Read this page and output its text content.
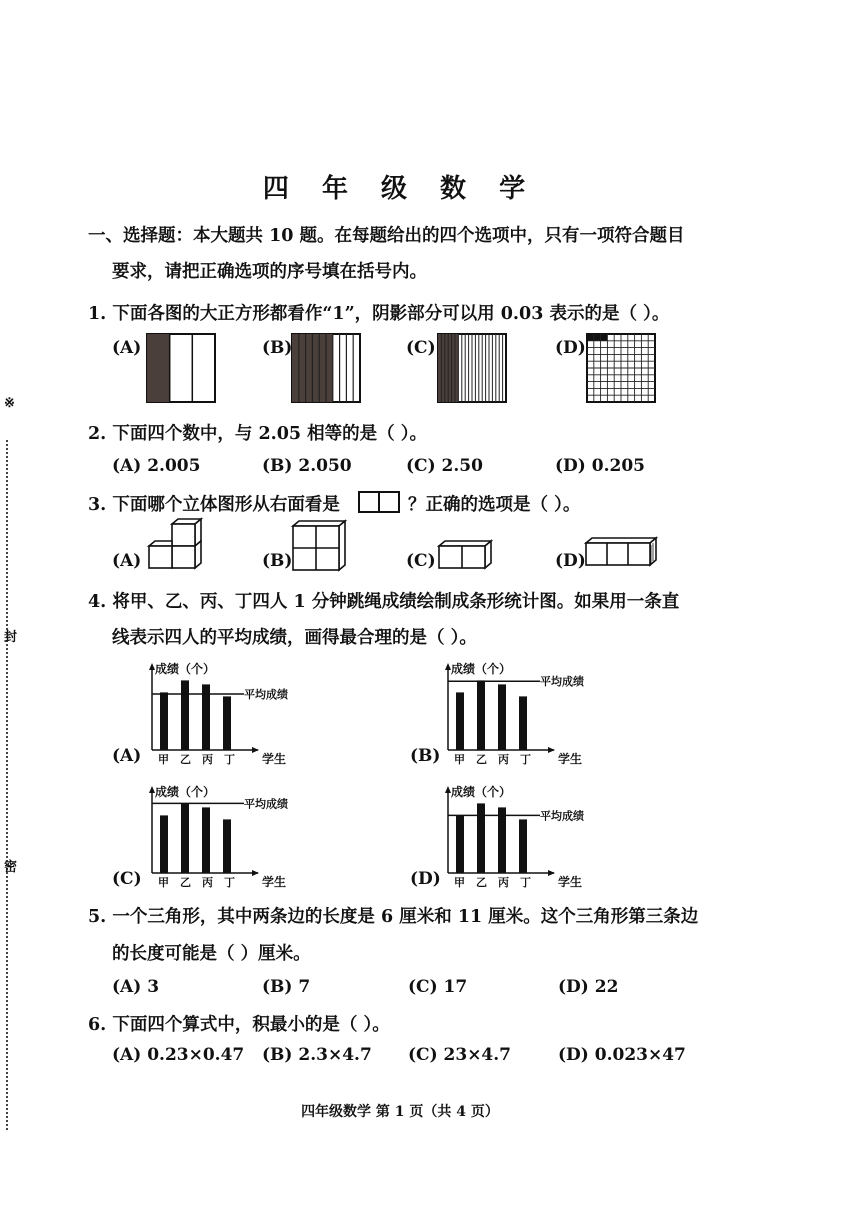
※
封
密
四 年 级 数 学
一、选择题：本大题共 10 题。在每题给出的四个选项中，只有一项符合题目
要求，请把正确选项的序号填在括号内。
1. 下面各图的大正方形都看作“1”，阴影部分可以用 0.03 表示的是（ ）。
(A)	(B)	(C)	(D)
2. 下面四个数中，与 2.05 相等的是（ ）。
(A) 2.005	(B) 2.050	(C) 2.50	(D) 0.205
3. 下面哪个立体图形从右面看是	？正确的选项是（ ）。
(A)	(B)	(C)	(D)
4. 将甲、乙、丙、丁四人 1 分钟跳绳成绩绘制成条形统计图。如果用一条直
线表示四人的平均成绩，画得最合理的是（ ）。
(A)	(B)
(C)	(D)
成绩（个）
甲 乙 丙 丁 学生
平均成绩
成绩（个）
甲 乙 丙 丁 学生
平均成绩
成绩（个）
甲 乙 丙 丁 学生
平均成绩
成绩（个）
甲 乙 丙 丁 学生
平均成绩
5. 一个三角形，其中两条边的长度是 6 厘米和 11 厘米。这个三角形第三条边
的长度可能是（ ）厘米。
(A) 3	(B) 7	(C) 17	(D) 22
6. 下面四个算式中，积最小的是（ ）。
(A) 0.23×0.47 (B) 2.3×4.7 (C) 23×4.7	(D) 0.023×47
四年级数学 第 1 页（共 4 页）
